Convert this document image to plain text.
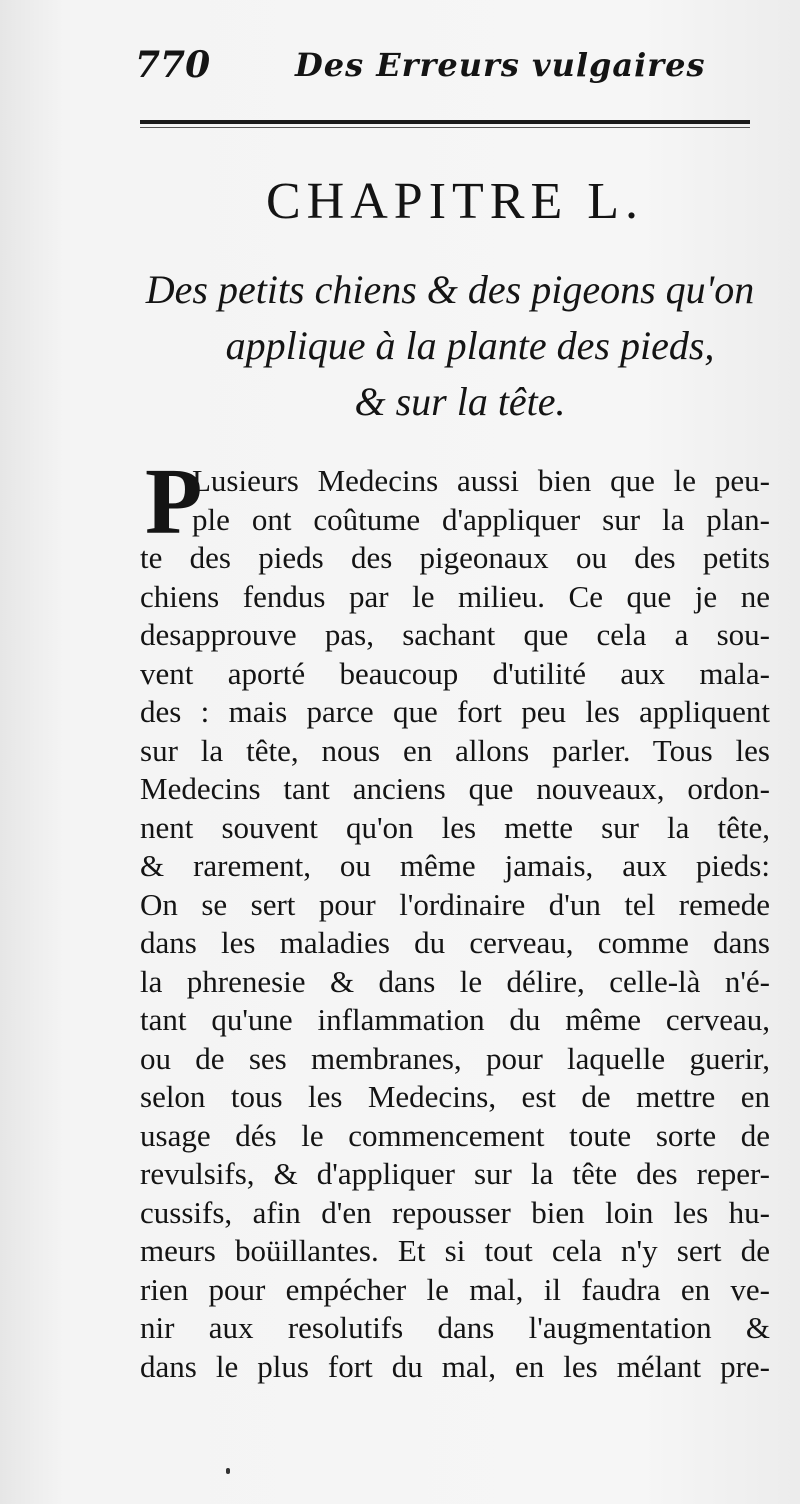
770	Des Erreurs vulgaires
CHAPITRE L.
Des petits chiens & des pigeons qu'on
applique à la plante des pieds,
& sur la tête.
P
Lusieurs Medecins aussi bien que le peu-
ple ont coûtume d'appliquer sur la plan-
te des pieds des pigeonaux ou des petits
chiens fendus par le milieu. Ce que je ne
desapprouve pas, sachant que cela a sou-
vent aporté beaucoup d'utilité aux mala-
des : mais parce que fort peu les appliquent
sur la tête, nous en allons parler. Tous les
Medecins tant anciens que nouveaux, ordon-
nent souvent qu'on les mette sur la tête,
& rarement, ou même jamais, aux pieds:
On se sert pour l'ordinaire d'un tel remede
dans les maladies du cerveau, comme dans
la phrenesie & dans le délire, celle-là n'é-
tant qu'une inflammation du même cerveau,
ou de ses membranes, pour laquelle guerir,
selon tous les Medecins, est de mettre en
usage dés le commencement toute sorte de
revulsifs, & d'appliquer sur la tête des reper-
cussifs, afin d'en repousser bien loin les hu-
meurs boüillantes. Et si tout cela n'y sert de
rien pour empécher le mal, il faudra en ve-
nir aux resolutifs dans l'augmentation &
dans le plus fort du mal, en les mélant pre-
